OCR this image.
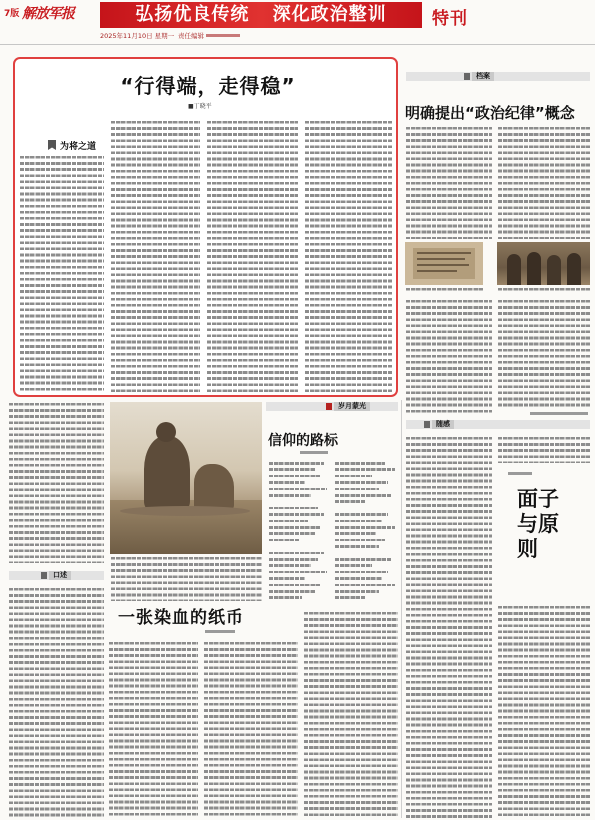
7版 解放军报	弘扬优良传统 深化政治整训	特刊
2025年11月10日 星期一 责任编辑
“行得端，走得稳”
■丁晓平
为将之道
档案
明确提出“政治纪律”概念
随感
面子与原则
岁月蒙光
信仰的路标
口述
一张染血的纸币
